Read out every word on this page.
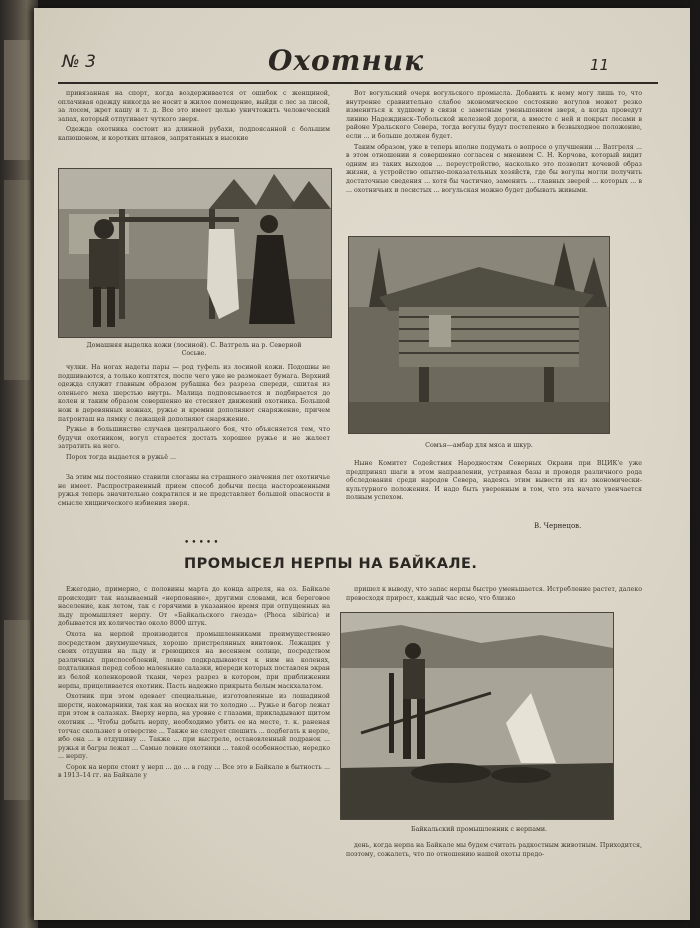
№ 3	Охотник	11

привязанная на спорт, когда воздерживается от ошибок с женщиной, оплачивая одежду никогда не носит в жилое помещение, выйди с лес за лисой, за лосем, жрет кашу и т. д. Все это имеет целью уничтожить человеческий запах, который отпугивает чуткого зверя.

Одежда охотника состоит из длинной рубахи, подпоясанной с большим капюшоном, и коротких штанов, запрятанных в высокие

Домашняя выделка кожи (лосиной). С. Ватгрель на р. Северной Сосьве.

чулки. На ногах надеты пары — род туфель из лосиной кожи. Подошвы не подшиваются, а только коптятся, после чего уже не размокает бумага. Верхний одежда служит главным образом рубашка без разреза спереди, сшитая из оленьего меха шерстью внутрь. Малица подпоясывается и подбирается до колен и таким образом совершенно не стесняет движений охотника. Большой нож в деревянных ножнах, ружье и кремни дополняют снаряжение, причем патронташ на лямку с лежащей дополняют снаряжение.

Ружье в большинстве случаев центрального боя, что объясняется тем, что будучи охотником, вогул старается достать хорошее ружье и не жалеет затратить на него.

Порох тогда выдается в ружьё ...

За этим мы постоянно ставили слоганы на страшного значения лет охотничье не имеет. Распространенный прием способ добычи песца настороженными ружья теперь значительно сократился и не представляет большой опасности в смысле хищнического избиения зверя.

Вот вогульский очерк вогульского промысла. Добавить к нему могу лишь то, что внутренне сравнительно слабое экономическое состояние вогулов может резко измениться к худшему в связи с заметным уменьшением зверя, а когда проведут линию Надеждинск–Тобольской железной дороги, а вместе с ней и покрыт лесами в районе Уральского Севера, тогда вогулы будут постепенно в безвыходное положение, если ... и больше должен будет.

Таким образом, уже в теперь вполне подумать о вопросе о улучшении ... Ватгреля ... в этом отношении я совершенно согласен с мнением С. Н. Корчова, который видит одним из таких выходов ... переустройство, насколько это позволит кочевой образ жизни, а устройство опытно-показательных хозяйств, где бы вогулы могли получить достаточные сведения ... хотя бы частично, заменить ... главных зверей ... которых ... в ... охотничьих и лесистых ... вогульская можно будет добывать живыми.

Сомъя—амбар для мяса и шкур.

Ныне Комитет Содействия Народностям Северных Окраин при ВЦИК'е уже предпринял шаги в этом направлении, устраивая базы и проводя различного рода обследования среди народов Севера, надеясь этим вывести их из экономически-культурного положения. И надо быть уверенным в том, что эта начато увенчается полным успехом.

В. Чернецов.
•••••
ПРОМЫСЕЛ НЕРПЫ НА БАЙКАЛЕ.

Ежегодно, примерно, с половины марта до конца апреля, на оз. Байкале происходит так называемый «нерпование», другими словами, вся береговое население, как летом, так с горячими в указанное время при отпущенных на льду промышляет нерпу. От «Байкальского гнезда» (Phoca sibirica) и добывается их количество около 8000 штук.

Охота на нерпой производится промышленниками преимущественно посредством двухмушечных, хорошо пристрелянных винтовок. Лежащих у своих отдушин на льду и греющихся на весеннем солнце, посредством различных приспособлений, ловко подкрадываются к ним на коленях, подталкивая перед собою маленькие салазки, впереди которых поставлен экран из белой коленкоровой ткани, через разрез в котором, при приближении нерпы, прицеливается охотник. Пасть надежно прикрыта белым маскхалатом.

Охотник при этом одевает специальные, изготовленные из лошадиной шерсти, накомарники, так как на носках ни то холодно ... Ружье и багор лежат при этом в салазках. Вверху нерпа, на уровне с глазами, прикладывают щитом охотник ... Чтобы добыть нерпу, необходимо убить ее на месте, т. к. раненая тотчас скользнет в отверстие ... Также не следует спешить ... подбегать к нерпе, ибо она ... в отдушину ... Также ... при выстреле, остановленный подранок ... ружья и багры лежат ... Самые ловкие охотники ... такой особенностью, нередко ... нерпу.

Сорок на нерпе стоит у нерп ... до ... в году ... Все это в Байкале в бытность ... в 1913–14 гг. на Байкале у

пришел к выводу, что запас нерпы быстро уменьшается. Истребление растет, далеко превосходя прирост, каждый час ясно, что близко

Байкальский промышленник с нерпами.

день, когда нерпа на Байкале мы будем считать радкостным животным. Приходится, поэтому, сожалеть, что по отношению нашей охоты предо-
